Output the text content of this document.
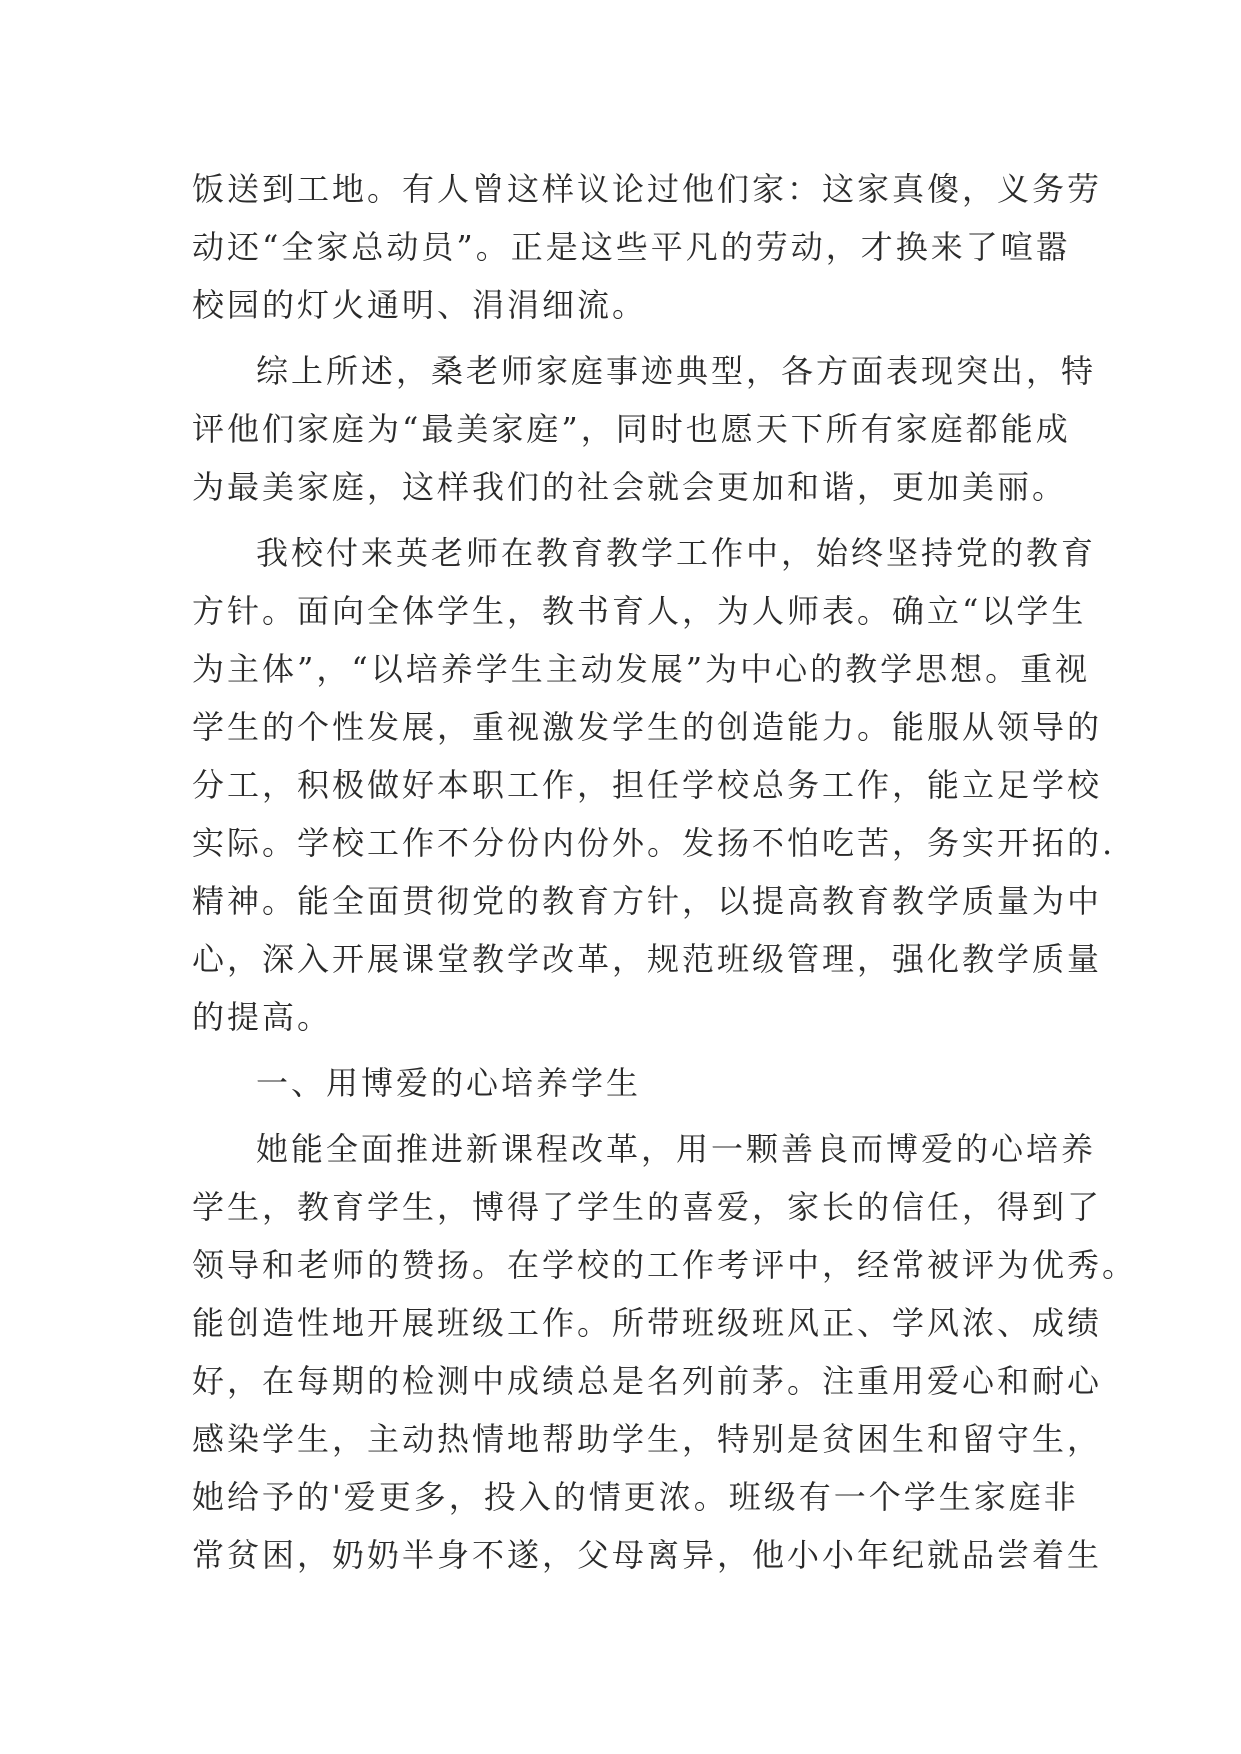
饭送到工地。有人曾这样议论过他们家：这家真傻，义务劳
动还“全家总动员”。正是这些平凡的劳动，才换来了喧嚣
校园的灯火通明、涓涓细流。
综上所述，桑老师家庭事迹典型，各方面表现突出，特
评他们家庭为“最美家庭”，同时也愿天下所有家庭都能成
为最美家庭，这样我们的社会就会更加和谐，更加美丽。
我校付来英老师在教育教学工作中，始终坚持党的教育
方针。面向全体学生，教书育人，为人师表。确立“以学生
为主体”，“以培养学生主动发展”为中心的教学思想。重视
学生的个性发展，重视激发学生的创造能力。能服从领导的
分工，积极做好本职工作，担任学校总务工作，能立足学校
实际。学校工作不分份内份外。发扬不怕吃苦，务实开拓的.
精神。能全面贯彻党的教育方针，以提高教育教学质量为中
心，深入开展课堂教学改革，规范班级管理，强化教学质量
的提高。
一、用博爱的心培养学生
她能全面推进新课程改革，用一颗善良而博爱的心培养
学生，教育学生，博得了学生的喜爱，家长的信任，得到了
领导和老师的赞扬。在学校的工作考评中，经常被评为优秀。
能创造性地开展班级工作。所带班级班风正、学风浓、成绩
好，在每期的检测中成绩总是名列前茅。注重用爱心和耐心
感染学生，主动热情地帮助学生，特别是贫困生和留守生，
她给予的'爱更多，投入的情更浓。班级有一个学生家庭非
常贫困，奶奶半身不遂，父母离异，他小小年纪就品尝着生
